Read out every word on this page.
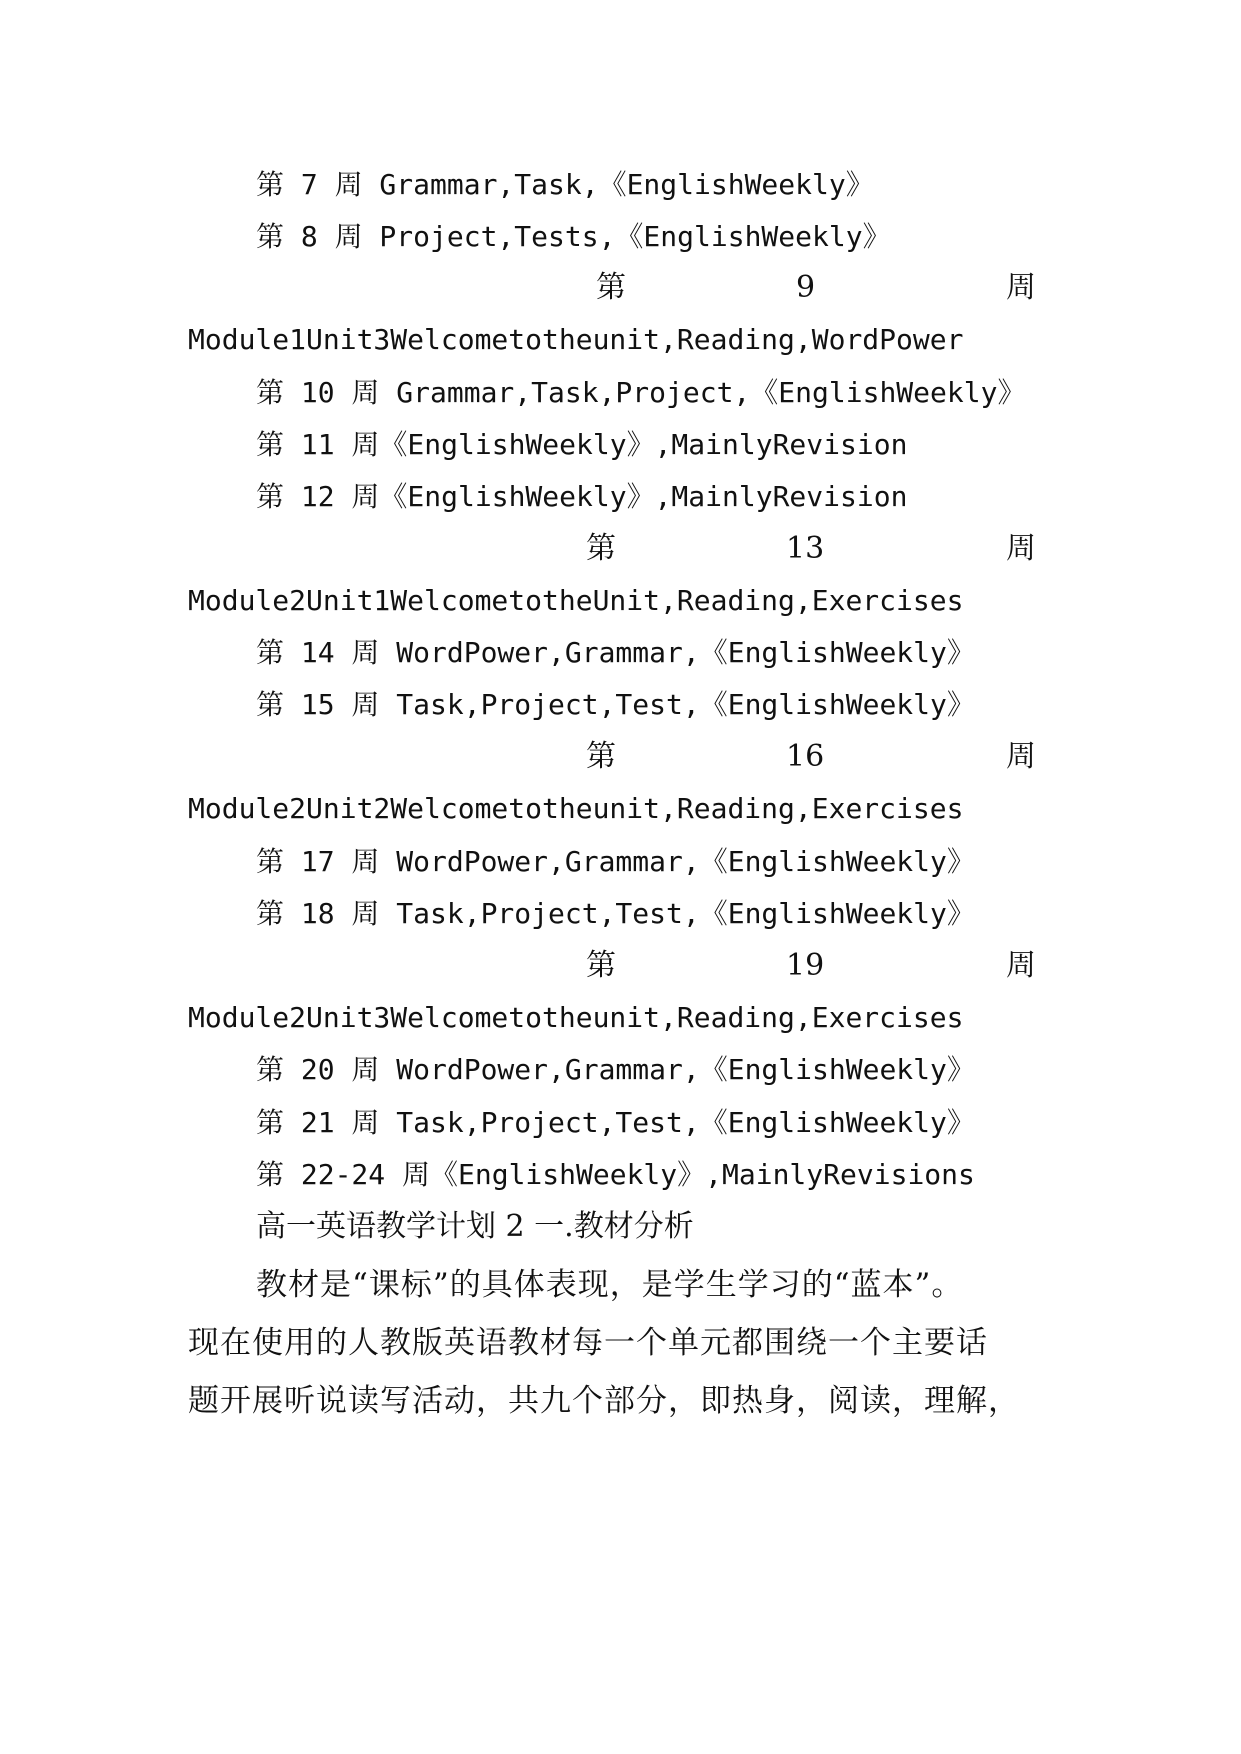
第 7 周 Grammar,Task,《EnglishWeekly》
第 8 周 Project,Tests,《EnglishWeekly》
第	9	周
Module1Unit3Welcometotheunit,Reading,WordPower
第 10 周 Grammar,Task,Project,《EnglishWeekly》
第 11 周《EnglishWeekly》,MainlyRevision
第 12 周《EnglishWeekly》,MainlyRevision
第	13	周
Module2Unit1WelcometotheUnit,Reading,Exercises
第 14 周 WordPower,Grammar,《EnglishWeekly》
第 15 周 Task,Project,Test,《EnglishWeekly》
第	16	周
Module2Unit2Welcometotheunit,Reading,Exercises
第 17 周 WordPower,Grammar,《EnglishWeekly》
第 18 周 Task,Project,Test,《EnglishWeekly》
第	19	周
Module2Unit3Welcometotheunit,Reading,Exercises
第 20 周 WordPower,Grammar,《EnglishWeekly》
第 21 周 Task,Project,Test,《EnglishWeekly》
第 22-24 周《EnglishWeekly》,MainlyRevisions
高一英语教学计划 2 一.教材分析
教材是“课标”的具体表现，是学生学习的“蓝本”。
现在使用的人教版英语教材每一个单元都围绕一个主要话
题开展听说读写活动，共九个部分，即热身，阅读，理解，
